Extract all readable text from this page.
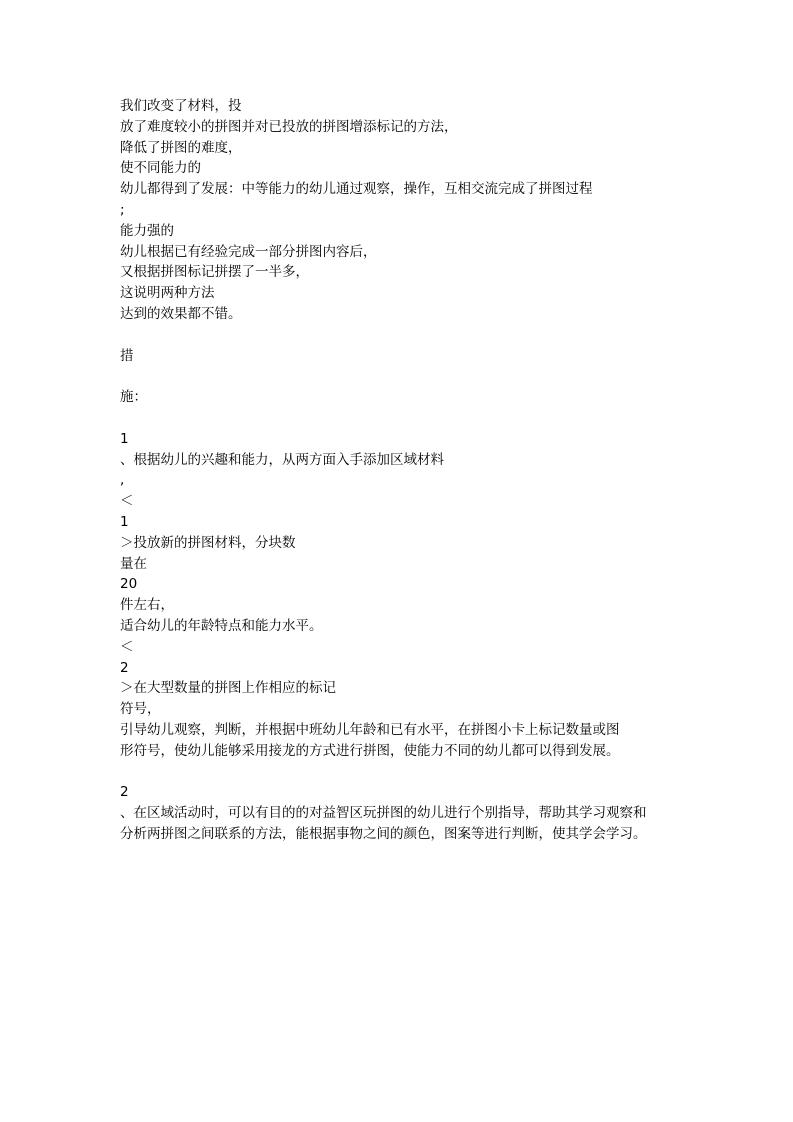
我们改变了材料，投
放了难度较小的拼图并对已投放的拼图增添标记的方法，
降低了拼图的难度，
使不同能力的
幼儿都得到了发展：中等能力的幼儿通过观察，操作，互相交流完成了拼图过程
;
能力强的
幼儿根据已有经验完成一部分拼图内容后，
又根据拼图标记拼摆了一半多，
这说明两种方法
达到的效果都不错。
措
施：
1
、根据幼儿的兴趣和能力，从两方面入手添加区域材料
,
＜
1
＞投放新的拼图材料，分块数
量在
20
件左右，
适合幼儿的年龄特点和能力水平。
＜
2
＞在大型数量的拼图上作相应的标记
符号，
引导幼儿观察，判断，并根据中班幼儿年龄和已有水平，在拼图小卡上标记数量或图
形符号，使幼儿能够采用接龙的方式进行拼图，使能力不同的幼儿都可以得到发展。
2
、在区域活动时，可以有目的的对益智区玩拼图的幼儿进行个别指导，帮助其学习观察和
分析两拼图之间联系的方法，能根据事物之间的颜色，图案等进行判断，使其学会学习。
